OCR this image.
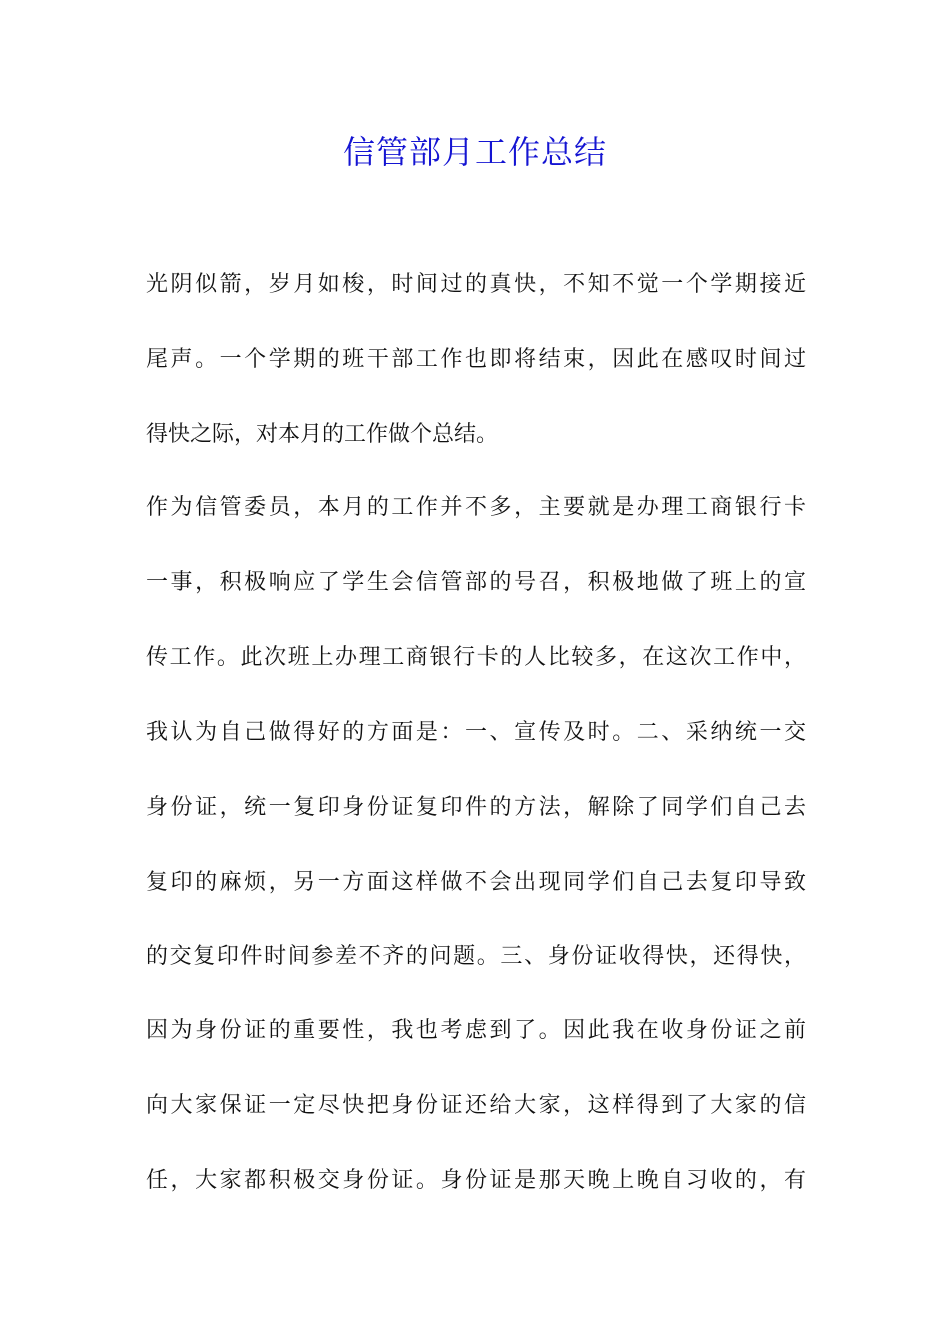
信管部月工作总结

光阴似箭，岁月如梭，时间过的真快，不知不觉一个学期接近

尾声。一个学期的班干部工作也即将结束，因此在感叹时间过

得快之际，对本月的工作做个总结。

作为信管委员，本月的工作并不多，主要就是办理工商银行卡

一事，积极响应了学生会信管部的号召，积极地做了班上的宣

传工作。此次班上办理工商银行卡的人比较多，在这次工作中，

我认为自己做得好的方面是：一、宣传及时。二、采纳统一交

身份证，统一复印身份证复印件的方法，解除了同学们自己去

复印的麻烦，另一方面这样做不会出现同学们自己去复印导致

的交复印件时间参差不齐的问题。三、身份证收得快，还得快，

因为身份证的重要性，我也考虑到了。因此我在收身份证之前

向大家保证一定尽快把身份证还给大家，这样得到了大家的信

任，大家都积极交身份证。身份证是那天晚上晚自习收的，有
